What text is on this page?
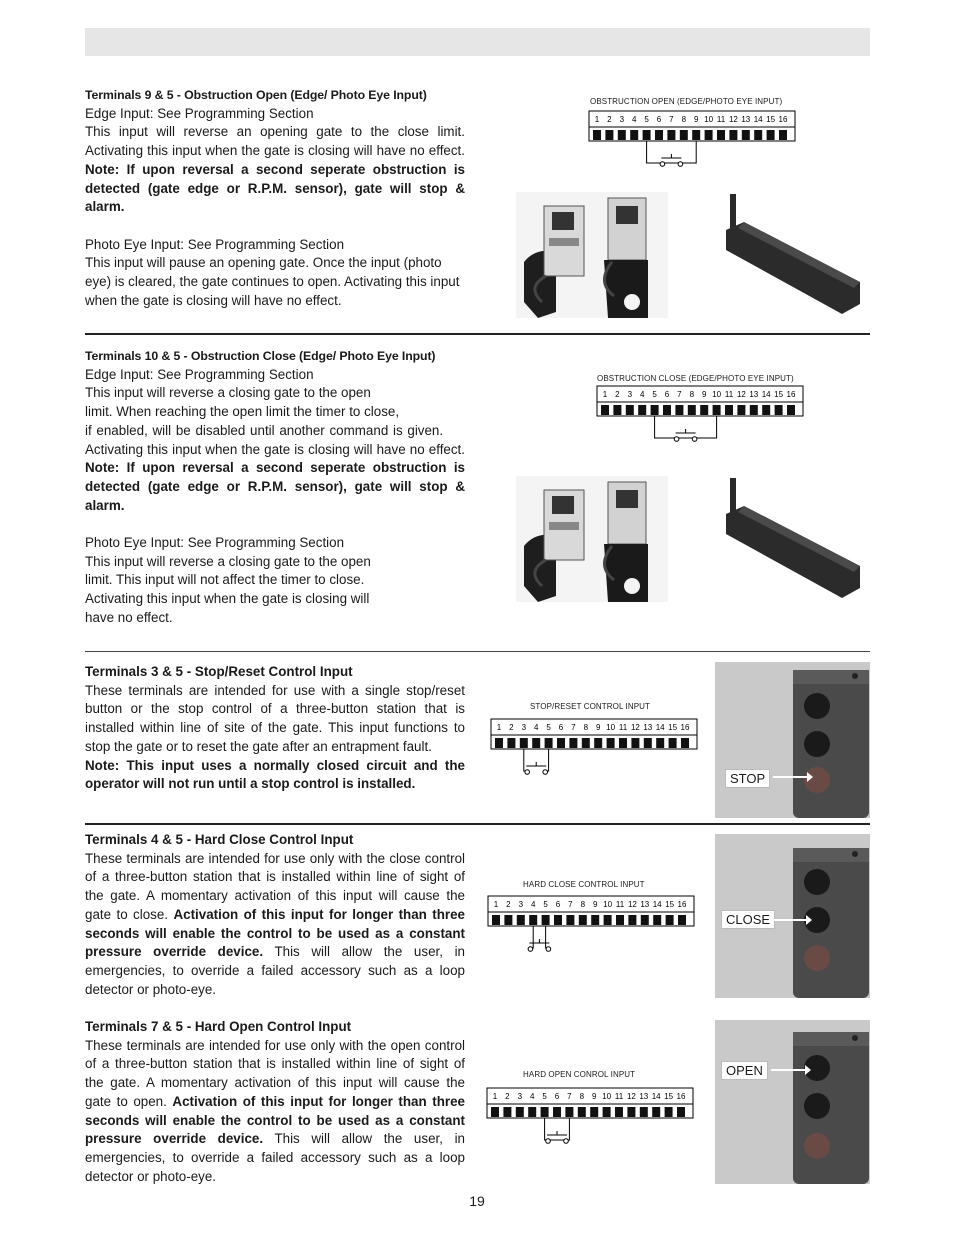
Terminals 9 & 5 - Obstruction Open (Edge/ Photo Eye Input)

Edge Input: See Programming Section

This input will reverse an opening gate to the close limit. Activating this input when the gate is closing will have no effect. Note: If upon reversal a second seperate obstruction is detected (gate edge or R.P.M. sensor), gate will stop & alarm.

Photo Eye Input: See Programming Section

This input will pause an opening gate. Once the input (photo eye) is cleared, the gate continues to open. Activating this input when the gate is closing will have no effect.

OBSTRUCTION OPEN (EDGE/PHOTO EYE INPUT)
1 2 3 4 5 6 7 8 9 10 11 12 13 14 15 16

Terminals 10 & 5 - Obstruction Close (Edge/ Photo Eye Input)

Edge Input: See Programming Section

This input will reverse a closing gate to the open

limit. When reaching the open limit the timer to close,

if enabled, will be disabled until another command is given.

Activating this input when the gate is closing will have no effect. Note: If upon reversal a second seperate obstruction is detected (gate edge or R.P.M. sensor), gate will stop & alarm.

Photo Eye Input: See Programming Section

This input will reverse a closing gate to the open

limit. This input will not affect the timer to close.

Activating this input when the gate is closing will

have no effect.

OBSTRUCTION CLOSE (EDGE/PHOTO EYE INPUT)
1 2 3 4 5 6 7 8 9 10 11 12 13 14 15 16

Terminals 3 & 5 - Stop/Reset Control Input

These terminals are intended for use with a single stop/reset button or the stop control of a three-button station that is installed within line of site of the gate. This input functions to stop the gate or to reset the gate after an entrapment fault.

Note: This input uses a normally closed circuit and the operator will not run until a stop control is installed.

STOP/RESET CONTROL INPUT
1 2 3 4 5 6 7 8 9 10 11 12 13 14 15 16
STOP

Terminals 4 & 5 - Hard Close Control Input

These terminals are intended for use only with the close control of a three-button station that is installed within line of sight of the gate. A momentary activation of this input will cause the gate to close. Activation of this input for longer than three seconds will enable the control to be used as a constant pressure override device. This will allow the user, in emergencies, to override a failed accessory such as a loop detector or photo-eye.

HARD CLOSE CONTROL INPUT
1 2 3 4 5 6 7 8 9 10 11 12 13 14 15 16
CLOSE

Terminals 7 & 5 - Hard Open Control Input

These terminals are intended for use only with the open control of a three-button station that is installed within line of sight of the gate. A momentary activation of this input will cause the gate to open. Activation of this input for longer than three seconds will enable the control to be used as a constant pressure override device. This will allow the user, in emergencies, to override a failed accessory such as a loop detector or photo-eye.

HARD OPEN CONROL INPUT
1 2 3 4 5 6 7 8 9 10 11 12 13 14 15 16
OPEN
19
